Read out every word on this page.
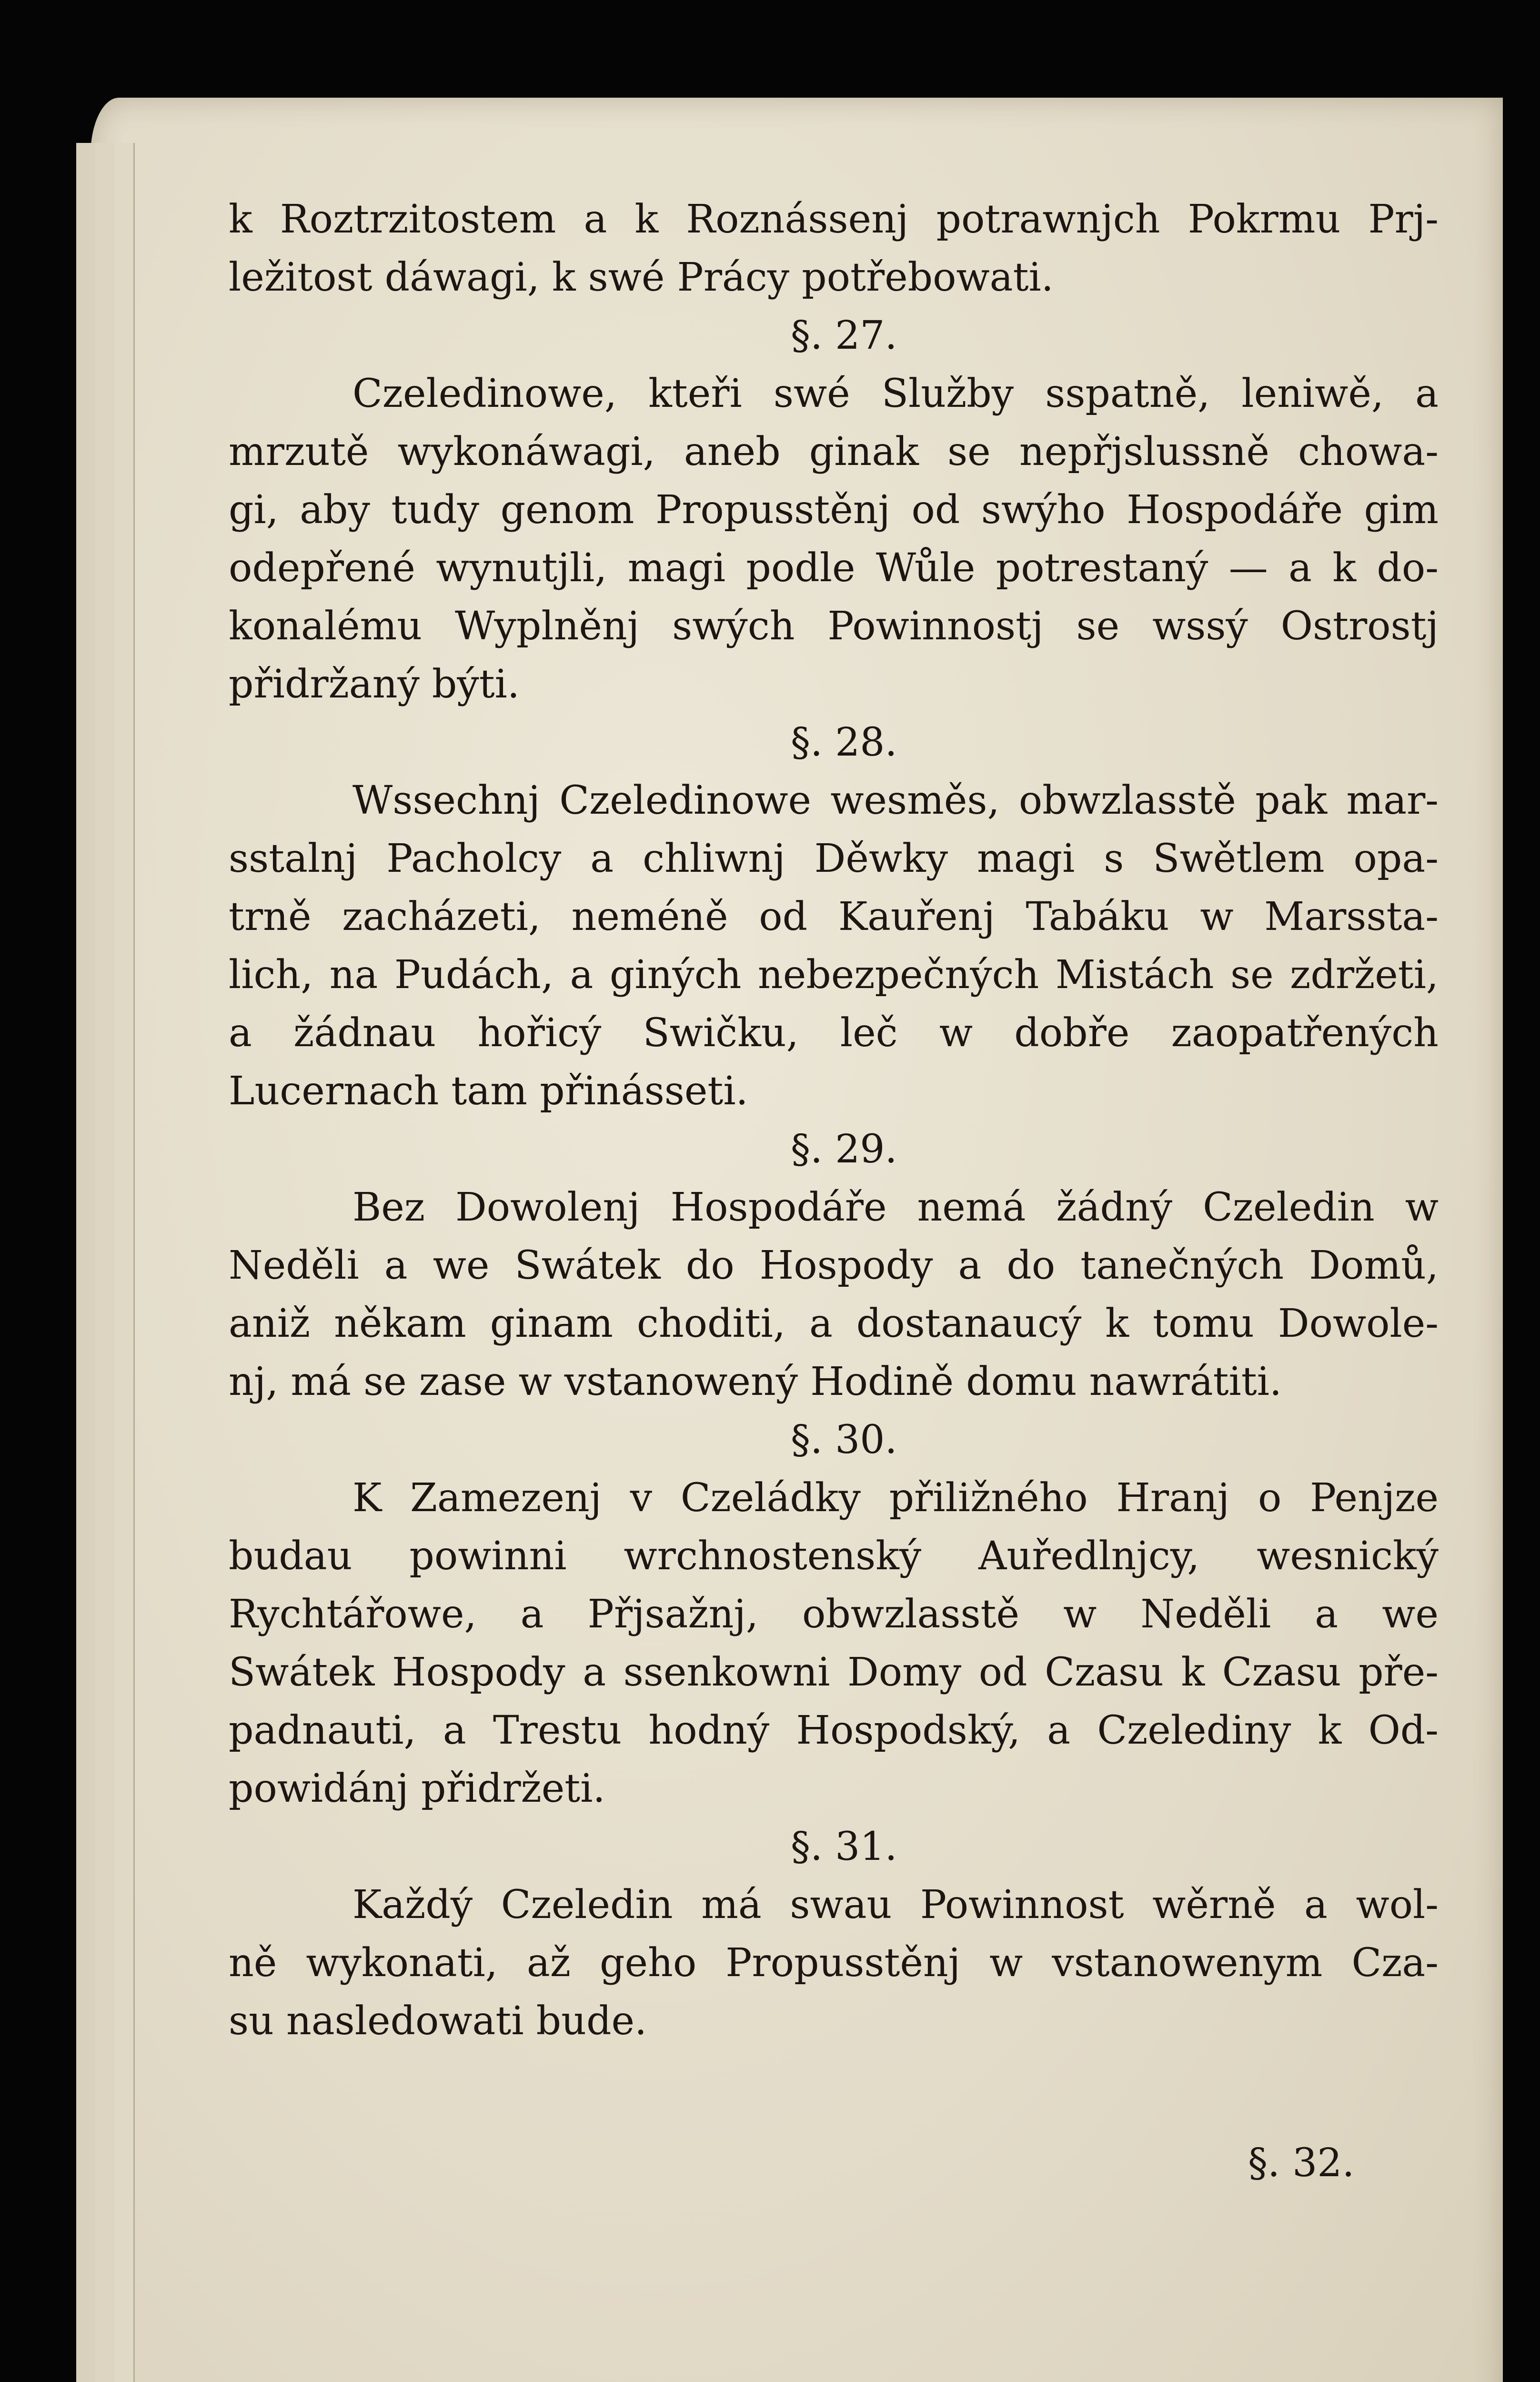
k Roztrzitostem a k Roznássenj potrawnjch Pokrmu Prj-
ležitost dáwagi, k swé Prácy potřebowati.
§. 27.
Czeledinowe, kteři swé Služby sspatně, leniwě, a
mrzutě wykonáwagi, aneb ginak se nepřjslussně chowa-
gi, aby tudy genom Propusstěnj od swýho Hospodáře gim
odepřené wynutjli, magi podle Wůle potrestaný — a k do-
konalému Wyplněnj swých Powinnostj se wssý Ostrostj
přidržaný býti.
§. 28.
Wssechnj Czeledinowe wesměs, obwzlasstě pak mar-
sstalnj Pacholcy a chliwnj Děwky magi s Swětlem opa-
trně zacházeti, neméně od Kauřenj Tabáku w Marssta-
lich, na Pudách, a giných nebezpečných Mistách se zdržeti,
a žádnau hořicý Swičku, leč w dobře zaopatřených
Lucernach tam přinásseti.
§. 29.
Bez Dowolenj Hospodáře nemá žádný Czeledin w
Neděli a we Swátek do Hospody a do tanečných Domů,
aniž někam ginam choditi, a dostanaucý k tomu Dowole-
nj, má se zase w vstanowený Hodině domu nawrátiti.
§. 30.
K Zamezenj v Czeládky přiližného Hranj o Penjze
budau powinni wrchnostenský Auředlnjcy, wesnický
Rychtářowe, a Přjsažnj, obwzlasstě w Neděli a we
Swátek Hospody a ssenkowni Domy od Czasu k Czasu pře-
padnauti, a Trestu hodný Hospodský, a Czelediny k Od-
powidánj přidržeti.
§. 31.
Každý Czeledin má swau Powinnost wěrně a wol-
ně wykonati, až geho Propusstěnj w vstanowenym Cza-
su nasledowati bude.
§. 32.
